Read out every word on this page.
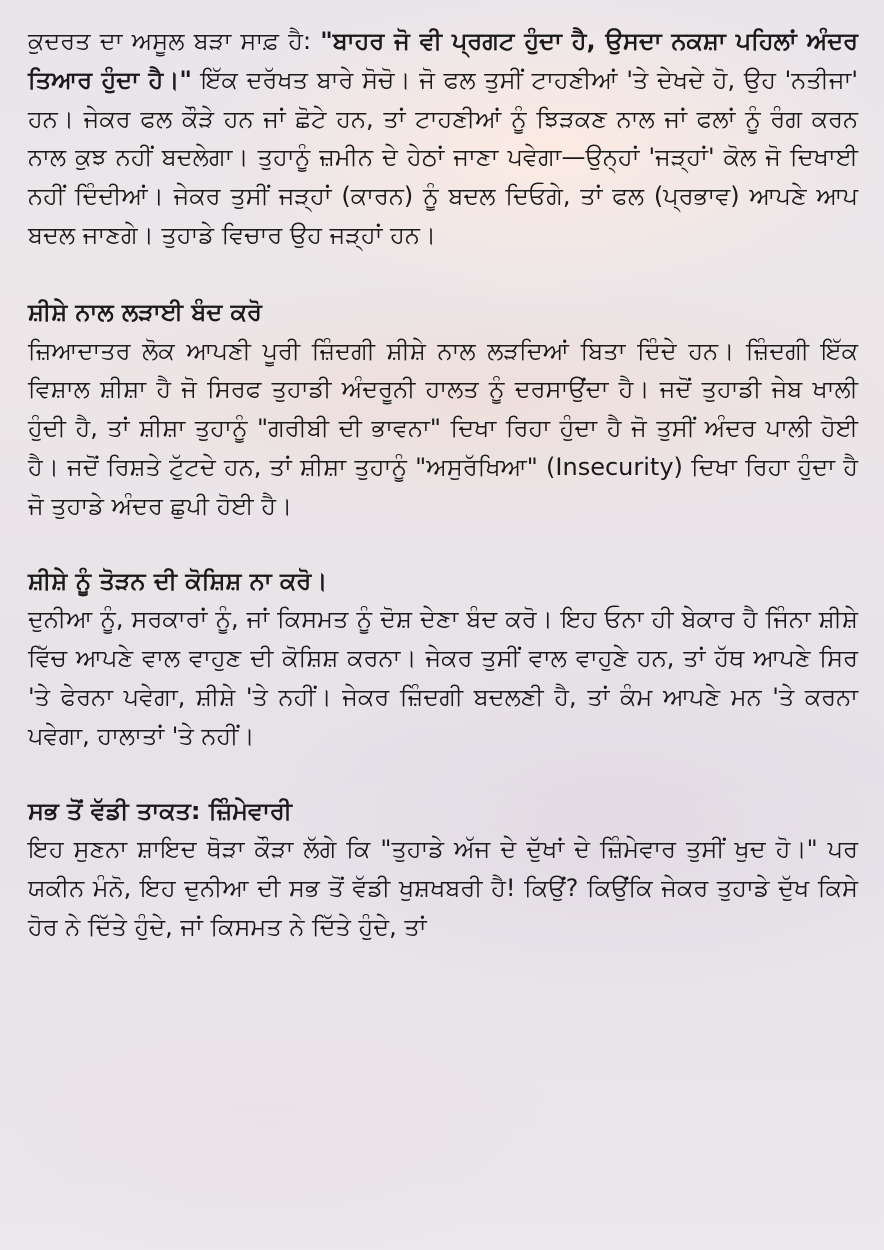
ਕੁਦਰਤ ਦਾ ਅਸੂਲ ਬੜਾ ਸਾਫ਼ ਹੈ: "ਬਾਹਰ ਜੋ ਵੀ ਪ੍ਰਗਟ ਹੁੰਦਾ ਹੈ, ਉਸਦਾ ਨਕਸ਼ਾ ਪਹਿਲਾਂ ਅੰਦਰ ਤਿਆਰ ਹੁੰਦਾ ਹੈ।" ਇੱਕ ਦਰੱਖਤ ਬਾਰੇ ਸੋਚੋ। ਜੋ ਫਲ ਤੁਸੀਂ ਟਾਹਣੀਆਂ 'ਤੇ ਦੇਖਦੇ ਹੋ, ਉਹ 'ਨਤੀਜਾ' ਹਨ। ਜੇਕਰ ਫਲ ਕੌੜੇ ਹਨ ਜਾਂ ਛੋਟੇ ਹਨ, ਤਾਂ ਟਾਹਣੀਆਂ ਨੂੰ ਝਿੜਕਣ ਨਾਲ ਜਾਂ ਫਲਾਂ ਨੂੰ ਰੰਗ ਕਰਨ ਨਾਲ ਕੁਝ ਨਹੀਂ ਬਦਲੇਗਾ। ਤੁਹਾਨੂੰ ਜ਼ਮੀਨ ਦੇ ਹੇਠਾਂ ਜਾਣਾ ਪਵੇਗਾ—ਉਨ੍ਹਾਂ 'ਜੜ੍ਹਾਂ' ਕੋਲ ਜੋ ਦਿਖਾਈ ਨਹੀਂ ਦਿੰਦੀਆਂ। ਜੇਕਰ ਤੁਸੀਂ ਜੜ੍ਹਾਂ (ਕਾਰਨ) ਨੂੰ ਬਦਲ ਦਿਓਗੇ, ਤਾਂ ਫਲ (ਪ੍ਰਭਾਵ) ਆਪਣੇ ਆਪ ਬਦਲ ਜਾਣਗੇ। ਤੁਹਾਡੇ ਵਿਚਾਰ ਉਹ ਜੜ੍ਹਾਂ ਹਨ।

ਸ਼ੀਸ਼ੇ ਨਾਲ ਲੜਾਈ ਬੰਦ ਕਰੋ

ਜ਼ਿਆਦਾਤਰ ਲੋਕ ਆਪਣੀ ਪੂਰੀ ਜ਼ਿੰਦਗੀ ਸ਼ੀਸ਼ੇ ਨਾਲ ਲੜਦਿਆਂ ਬਿਤਾ ਦਿੰਦੇ ਹਨ। ਜ਼ਿੰਦਗੀ ਇੱਕ ਵਿਸ਼ਾਲ ਸ਼ੀਸ਼ਾ ਹੈ ਜੋ ਸਿਰਫ ਤੁਹਾਡੀ ਅੰਦਰੂਨੀ ਹਾਲਤ ਨੂੰ ਦਰਸਾਉਂਦਾ ਹੈ। ਜਦੋਂ ਤੁਹਾਡੀ ਜੇਬ ਖਾਲੀ ਹੁੰਦੀ ਹੈ, ਤਾਂ ਸ਼ੀਸ਼ਾ ਤੁਹਾਨੂੰ "ਗਰੀਬੀ ਦੀ ਭਾਵਨਾ" ਦਿਖਾ ਰਿਹਾ ਹੁੰਦਾ ਹੈ ਜੋ ਤੁਸੀਂ ਅੰਦਰ ਪਾਲੀ ਹੋਈ ਹੈ। ਜਦੋਂ ਰਿਸ਼ਤੇ ਟੁੱਟਦੇ ਹਨ, ਤਾਂ ਸ਼ੀਸ਼ਾ ਤੁਹਾਨੂੰ "ਅਸੁਰੱਖਿਆ" (Insecurity) ਦਿਖਾ ਰਿਹਾ ਹੁੰਦਾ ਹੈ ਜੋ ਤੁਹਾਡੇ ਅੰਦਰ ਛੁਪੀ ਹੋਈ ਹੈ।

ਸ਼ੀਸ਼ੇ ਨੂੰ ਤੋੜਨ ਦੀ ਕੋਸ਼ਿਸ਼ ਨਾ ਕਰੋ।

ਦੁਨੀਆ ਨੂੰ, ਸਰਕਾਰਾਂ ਨੂੰ, ਜਾਂ ਕਿਸਮਤ ਨੂੰ ਦੋਸ਼ ਦੇਣਾ ਬੰਦ ਕਰੋ। ਇਹ ਓਨਾ ਹੀ ਬੇਕਾਰ ਹੈ ਜਿੰਨਾ ਸ਼ੀਸ਼ੇ ਵਿੱਚ ਆਪਣੇ ਵਾਲ ਵਾਹੁਣ ਦੀ ਕੋਸ਼ਿਸ਼ ਕਰਨਾ। ਜੇਕਰ ਤੁਸੀਂ ਵਾਲ ਵਾਹੁਣੇ ਹਨ, ਤਾਂ ਹੱਥ ਆਪਣੇ ਸਿਰ 'ਤੇ ਫੇਰਨਾ ਪਵੇਗਾ, ਸ਼ੀਸ਼ੇ 'ਤੇ ਨਹੀਂ। ਜੇਕਰ ਜ਼ਿੰਦਗੀ ਬਦਲਣੀ ਹੈ, ਤਾਂ ਕੰਮ ਆਪਣੇ ਮਨ 'ਤੇ ਕਰਨਾ ਪਵੇਗਾ, ਹਾਲਾਤਾਂ 'ਤੇ ਨਹੀਂ।

ਸਭ ਤੋਂ ਵੱਡੀ ਤਾਕਤ: ਜ਼ਿੰਮੇਵਾਰੀ

ਇਹ ਸੁਣਨਾ ਸ਼ਾਇਦ ਥੋੜਾ ਕੌੜਾ ਲੱਗੇ ਕਿ "ਤੁਹਾਡੇ ਅੱਜ ਦੇ ਦੁੱਖਾਂ ਦੇ ਜ਼ਿੰਮੇਵਾਰ ਤੁਸੀਂ ਖੁਦ ਹੋ।" ਪਰ ਯਕੀਨ ਮੰਨੋ, ਇਹ ਦੁਨੀਆ ਦੀ ਸਭ ਤੋਂ ਵੱਡੀ ਖੁਸ਼ਖਬਰੀ ਹੈ! ਕਿਉਂ? ਕਿਉਂਕਿ ਜੇਕਰ ਤੁਹਾਡੇ ਦੁੱਖ ਕਿਸੇ ਹੋਰ ਨੇ ਦਿੱਤੇ ਹੁੰਦੇ, ਜਾਂ ਕਿਸਮਤ ਨੇ ਦਿੱਤੇ ਹੁੰਦੇ, ਤਾਂ
